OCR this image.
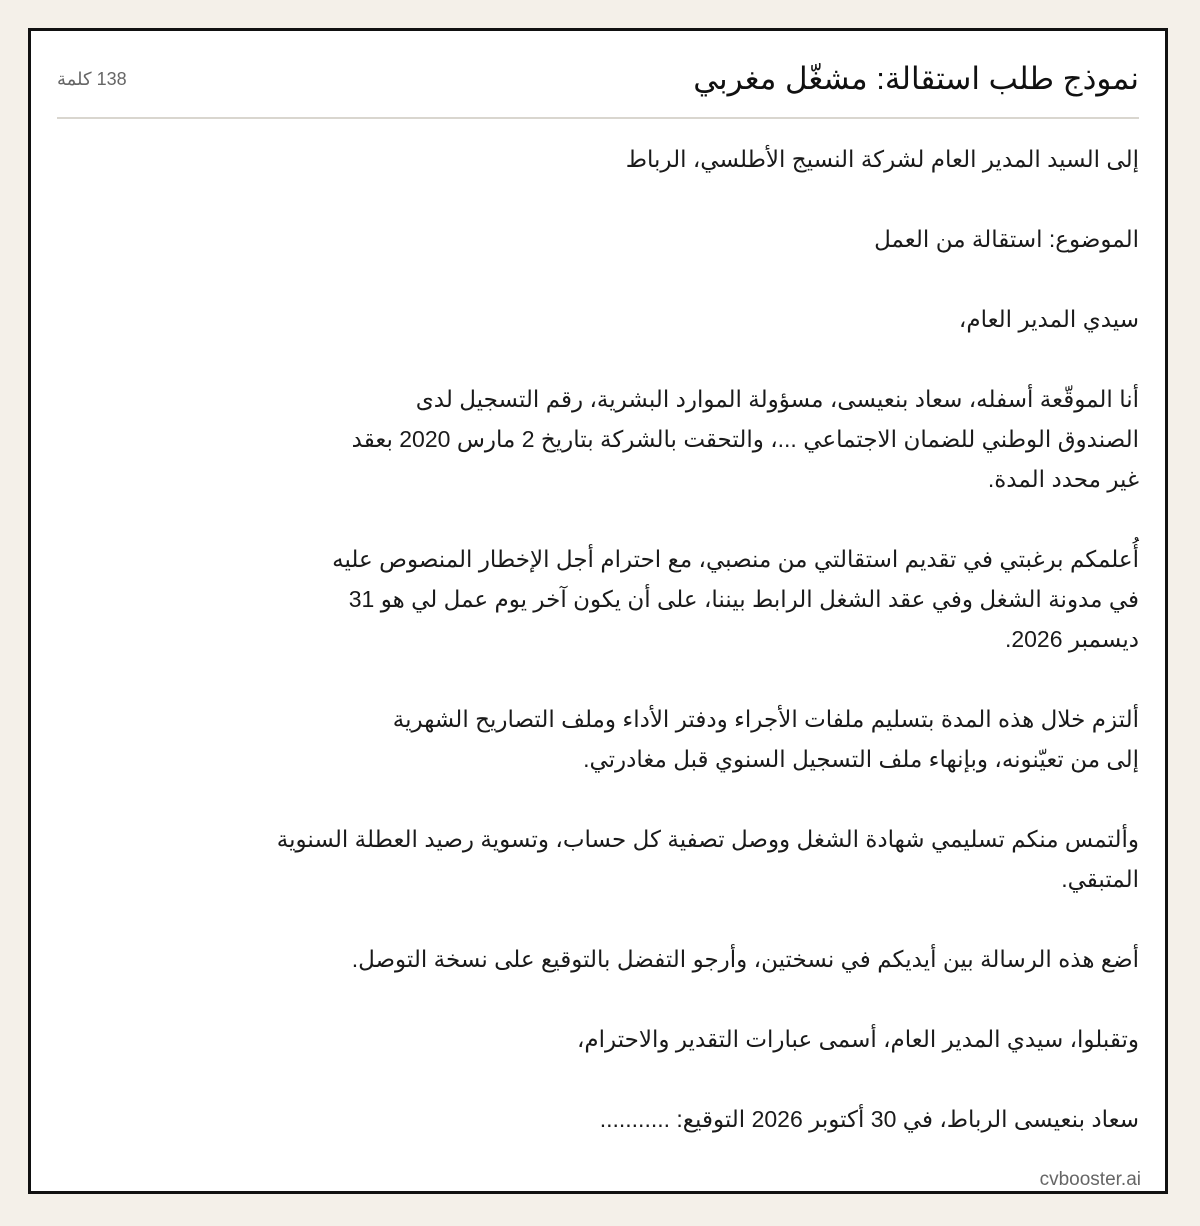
نموذج طلب استقالة: مشغّل مغربي
138 كلمة

إلى السيد المدير العام لشركة النسيج الأطلسي، الرباط

الموضوع: استقالة من العمل

سيدي المدير العام،

أنا الموقّعة أسفله، سعاد بنعيسى، مسؤولة الموارد البشرية، رقم التسجيل لدى
الصندوق الوطني للضمان الاجتماعي ...، والتحقت بالشركة بتاريخ 2 مارس 2020 بعقد
غير محدد المدة.

أُعلمكم برغبتي في تقديم استقالتي من منصبي، مع احترام أجل الإخطار المنصوص عليه
في مدونة الشغل وفي عقد الشغل الرابط بيننا، على أن يكون آخر يوم عمل لي هو 31
ديسمبر 2026.

ألتزم خلال هذه المدة بتسليم ملفات الأجراء ودفتر الأداء وملف التصاريح الشهرية
إلى من تعيّنونه، وبإنهاء ملف التسجيل السنوي قبل مغادرتي.

وألتمس منكم تسليمي شهادة الشغل ووصل تصفية كل حساب، وتسوية رصيد العطلة السنوية
المتبقي.

أضع هذه الرسالة بين أيديكم في نسختين، وأرجو التفضل بالتوقيع على نسخة التوصل.

وتقبلوا، سيدي المدير العام، أسمى عبارات التقدير والاحترام،

سعاد بنعيسى الرباط، في 30 أكتوبر 2026 التوقيع: ...........

cvbooster.ai
